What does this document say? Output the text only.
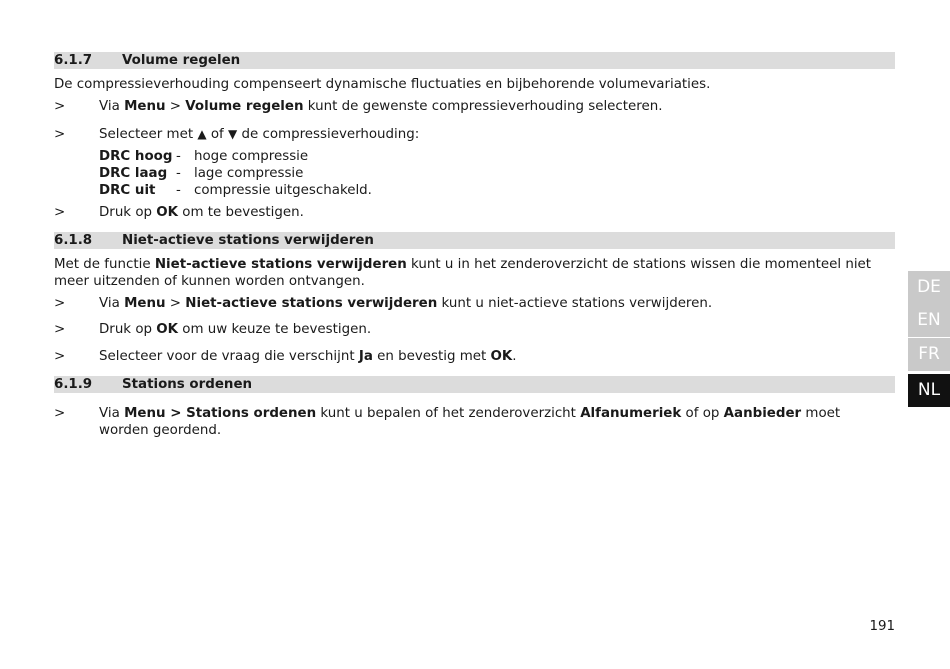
6.1.7 Volume regelen
De compressieverhouding compenseert dynamische fluctuaties en bijbehorende volumevariaties.
>	Via Menu > Volume regelen kunt de gewenste compressieverhouding selecteren.
>	Selecteer met ▲ of ▼ de compressieverhouding:
DRC hoog - hoge compressie
DRC laag - lage compressie
DRC uit - compressie uitgeschakeld.
>	Druk op OK om te bevestigen.
6.1.8 Niet-actieve stations verwijderen
Met de functie Niet-actieve stations verwijderen kunt u in het zenderoverzicht de stations wissen die momenteel niet meer uitzenden of kunnen worden ontvangen.
>	Via Menu > Niet-actieve stations verwijderen kunt u niet-actieve stations verwijderen.
>	Druk op OK om uw keuze te bevestigen.
>	Selecteer voor de vraag die verschijnt Ja en bevestig met OK.
6.1.9 Stations ordenen
>	Via Menu > Stations ordenen kunt u bepalen of het zenderoverzicht Alfanumeriek of op Aanbieder moet worden geordend.
DE
EN
FR
NL
191
